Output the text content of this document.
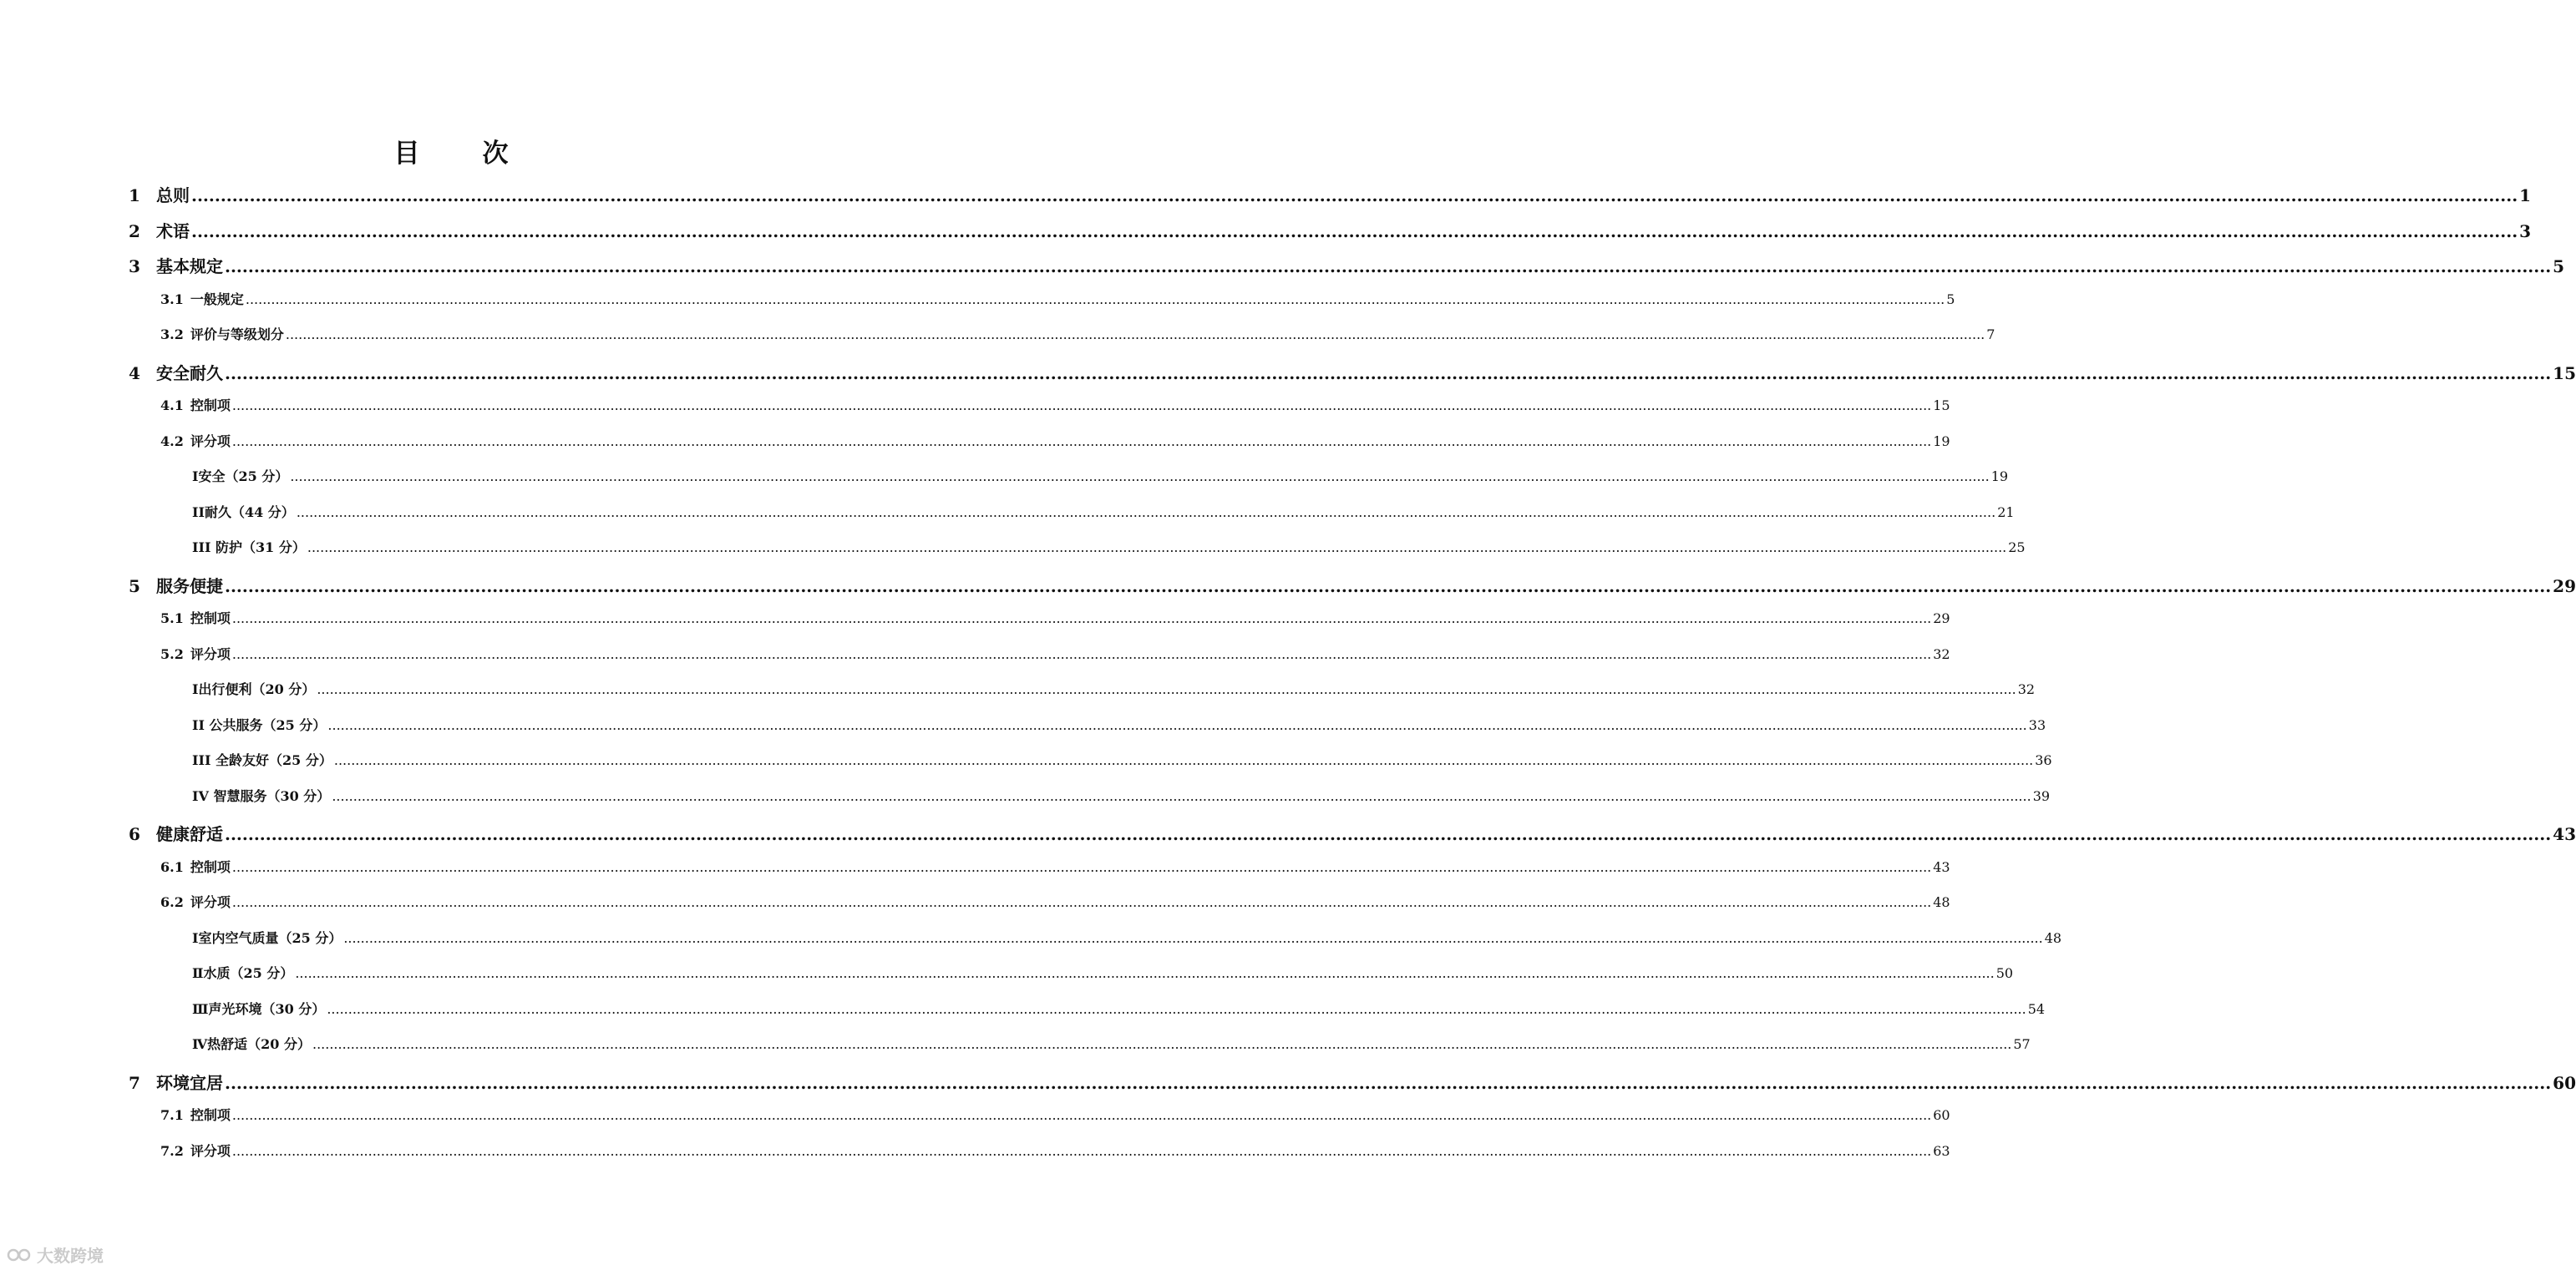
目　次
1 总则 ................................................................................................................................................................................................................................................................................................................................................................................................................ 1
2 术语 ................................................................................................................................................................................................................................................................................................................................................................................................................ 3
3 基本规定 ................................................................................................................................................................................................................................................................................................................................................................................................................ 5
3.1 一般规定 ................................................................................................................................................................................................................................................................................................................................................................................................................ 5
3.2 评价与等级划分 ................................................................................................................................................................................................................................................................................................................................................................................................................ 7
4 安全耐久 ................................................................................................................................................................................................................................................................................................................................................................................................................ 15
4.1 控制项 ................................................................................................................................................................................................................................................................................................................................................................................................................ 15
4.2 评分项 ................................................................................................................................................................................................................................................................................................................................................................................................................ 19
I安全（25 分） ................................................................................................................................................................................................................................................................................................................................................................................................................ 19
II耐久（44 分） ................................................................................................................................................................................................................................................................................................................................................................................................................ 21
III 防护（31 分） ................................................................................................................................................................................................................................................................................................................................................................................................................ 25
5 服务便捷 ................................................................................................................................................................................................................................................................................................................................................................................................................ 29
5.1 控制项 ................................................................................................................................................................................................................................................................................................................................................................................................................ 29
5.2 评分项 ................................................................................................................................................................................................................................................................................................................................................................................................................ 32
Ⅰ出行便利（20 分） ................................................................................................................................................................................................................................................................................................................................................................................................................ 32
II 公共服务（25 分） ................................................................................................................................................................................................................................................................................................................................................................................................................ 33
III 全龄友好（25 分） ................................................................................................................................................................................................................................................................................................................................................................................................................ 36
IV 智慧服务（30 分） ................................................................................................................................................................................................................................................................................................................................................................................................................ 39
6 健康舒适 ................................................................................................................................................................................................................................................................................................................................................................................................................ 43
6.1 控制项 ................................................................................................................................................................................................................................................................................................................................................................................................................ 43
6.2 评分项 ................................................................................................................................................................................................................................................................................................................................................................................................................ 48
Ⅰ室内空气质量（25 分） ................................................................................................................................................................................................................................................................................................................................................................................................................ 48
Ⅱ水质（25 分） ................................................................................................................................................................................................................................................................................................................................................................................................................ 50
Ⅲ声光环境（30 分） ................................................................................................................................................................................................................................................................................................................................................................................................................ 54
Ⅳ热舒适（20 分） ................................................................................................................................................................................................................................................................................................................................................................................................................ 57
7 环境宜居 ................................................................................................................................................................................................................................................................................................................................................................................................................ 60
7.1 控制项 ................................................................................................................................................................................................................................................................................................................................................................................................................ 60
7.2 评分项 ................................................................................................................................................................................................................................................................................................................................................................................................................ 63
大数跨境
